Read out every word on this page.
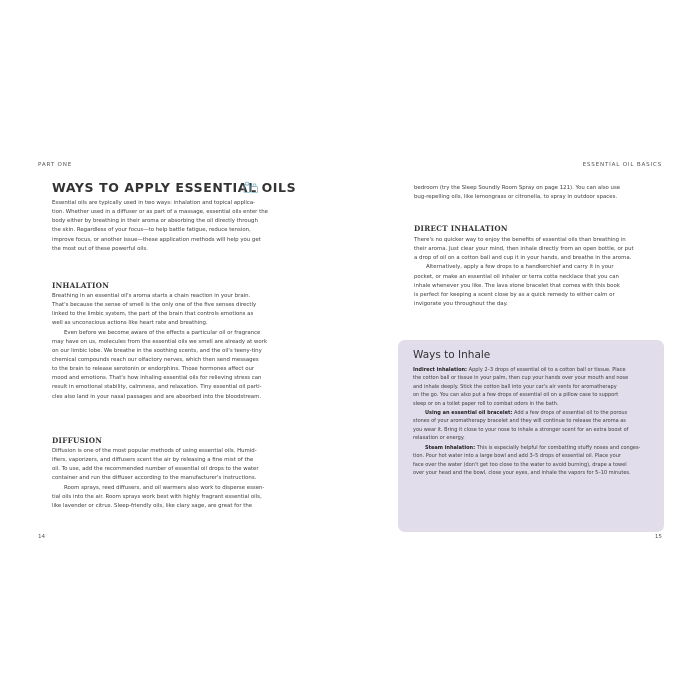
PART ONE
14
WAYS TO APPLY ESSENTIAL OILS

Essential oils are typically used in two ways: inhalation and topical applica-
tion. Whether used in a diffuser or as part of a massage, essential oils enter the
body either by breathing in their aroma or absorbing the oil directly through
the skin. Regardless of your focus—to help battle fatigue, reduce tension,
improve focus, or another issue—these application methods will help you get
the most out of these powerful oils.

INHALATION

Breathing in an essential oil's aroma starts a chain reaction in your brain.
That's because the sense of smell is the only one of the five senses directly
linked to the limbic system, the part of the brain that controls emotions as
well as unconscious actions like heart rate and breathing.
Even before we become aware of the effects a particular oil or fragrance
may have on us, molecules from the essential oils we smell are already at work
on our limbic lobe. We breathe in the soothing scents, and the oil's teeny-tiny
chemical compounds reach our olfactory nerves, which then send messages
to the brain to release serotonin or endorphins. Those hormones affect our
mood and emotions. That's how inhaling essential oils for relieving stress can
result in emotional stability, calmness, and relaxation. Tiny essential oil parti-
cles also land in your nasal passages and are absorbed into the bloodstream.

DIFFUSION

Diffusion is one of the most popular methods of using essential oils. Humid-
ifiers, vaporizers, and diffusers scent the air by releasing a fine mist of the
oil. To use, add the recommended number of essential oil drops to the water
container and run the diffuser according to the manufacturer's instructions.
Room sprays, reed diffusers, and oil warmers also work to disperse essen-
tial oils into the air. Room sprays work best with highly fragrant essential oils,
like lavender or citrus. Sleep-friendly oils, like clary sage, are great for the

ESSENTIAL OIL BASICS
15

bedroom (try the Sleep Soundly Room Spray on page 121). You can also use
bug-repelling oils, like lemongrass or citronella, to spray in outdoor spaces.

DIRECT INHALATION

There's no quicker way to enjoy the benefits of essential oils than breathing in
their aroma. Just clear your mind, then inhale directly from an open bottle, or put
a drop of oil on a cotton ball and cup it in your hands, and breathe in the aroma.
Alternatively, apply a few drops to a handkerchief and carry it in your
pocket, or make an essential oil inhaler or terra cotta necklace that you can
inhale whenever you like. The lava stone bracelet that comes with this book
is perfect for keeping a scent close by as a quick remedy to either calm or
invigorate you throughout the day.

Ways to Inhale

Indirect inhalation: Apply 2–3 drops of essential oil to a cotton ball or tissue. Place
the cotton ball or tissue in your palm, then cup your hands over your mouth and nose
and inhale deeply. Stick the cotton ball into your car's air vents for aromatherapy
on the go. You can also put a few drops of essential oil on a pillow case to support
sleep or on a toilet paper roll to combat odors in the bath.

Using an essential oil bracelet: Add a few drops of essential oil to the porous
stones of your aromatherapy bracelet and they will continue to release the aroma as
you wear it. Bring it close to your nose to inhale a stronger scent for an extra boost of
relaxation or energy.

Steam inhalation: This is especially helpful for combatting stuffy noses and conges-
tion. Pour hot water into a large bowl and add 3–5 drops of essential oil. Place your
face over the water (don't get too close to the water to avoid burning), drape a towel
over your head and the bowl, close your eyes, and inhale the vapors for 5–10 minutes.
